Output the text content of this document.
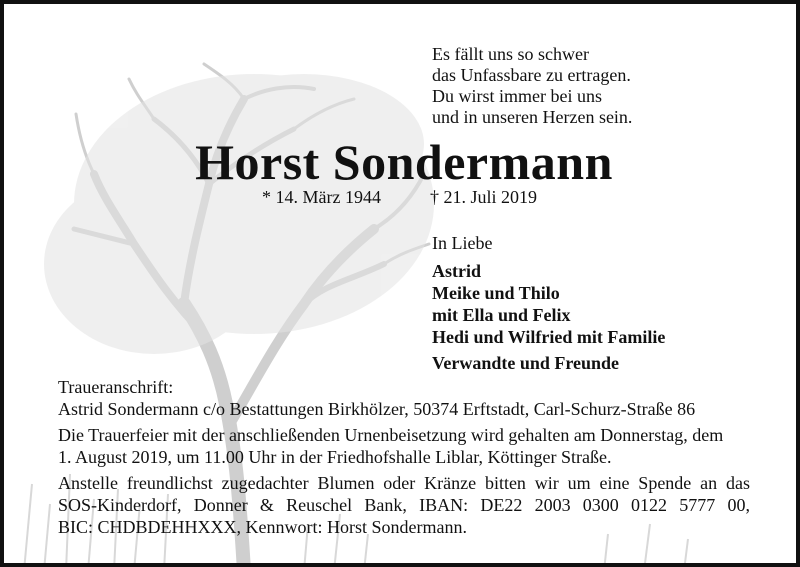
Es fällt uns so schwer
das Unfassbare zu ertragen.
Du wirst immer bei uns
und in unseren Herzen sein.
Horst Sondermann
* 14. März 1944	† 21. Juli 2019
In Liebe
Astrid
Meike und Thilo
mit Ella und Felix
Hedi und Wilfried mit Familie
Verwandte und Freunde

Traueranschrift:
Astrid Sondermann c/o Bestattungen Birkhölzer, 50374 Erftstadt, Carl-Schurz-Straße 86

Die Trauerfeier mit der anschließenden Urnenbeisetzung wird gehalten am Donnerstag, dem
1. August 2019, um 11.00 Uhr in der Friedhofshalle Liblar, Köttinger Straße.

Anstelle freundlichst zugedachter Blumen oder Kränze bitten wir um eine Spende an das
SOS-Kinderdorf, Donner & Reuschel Bank, IBAN: DE22 2003 0300 0122 5777 00,
BIC: CHDBDEHHXXX, Kennwort: Horst Sondermann.
